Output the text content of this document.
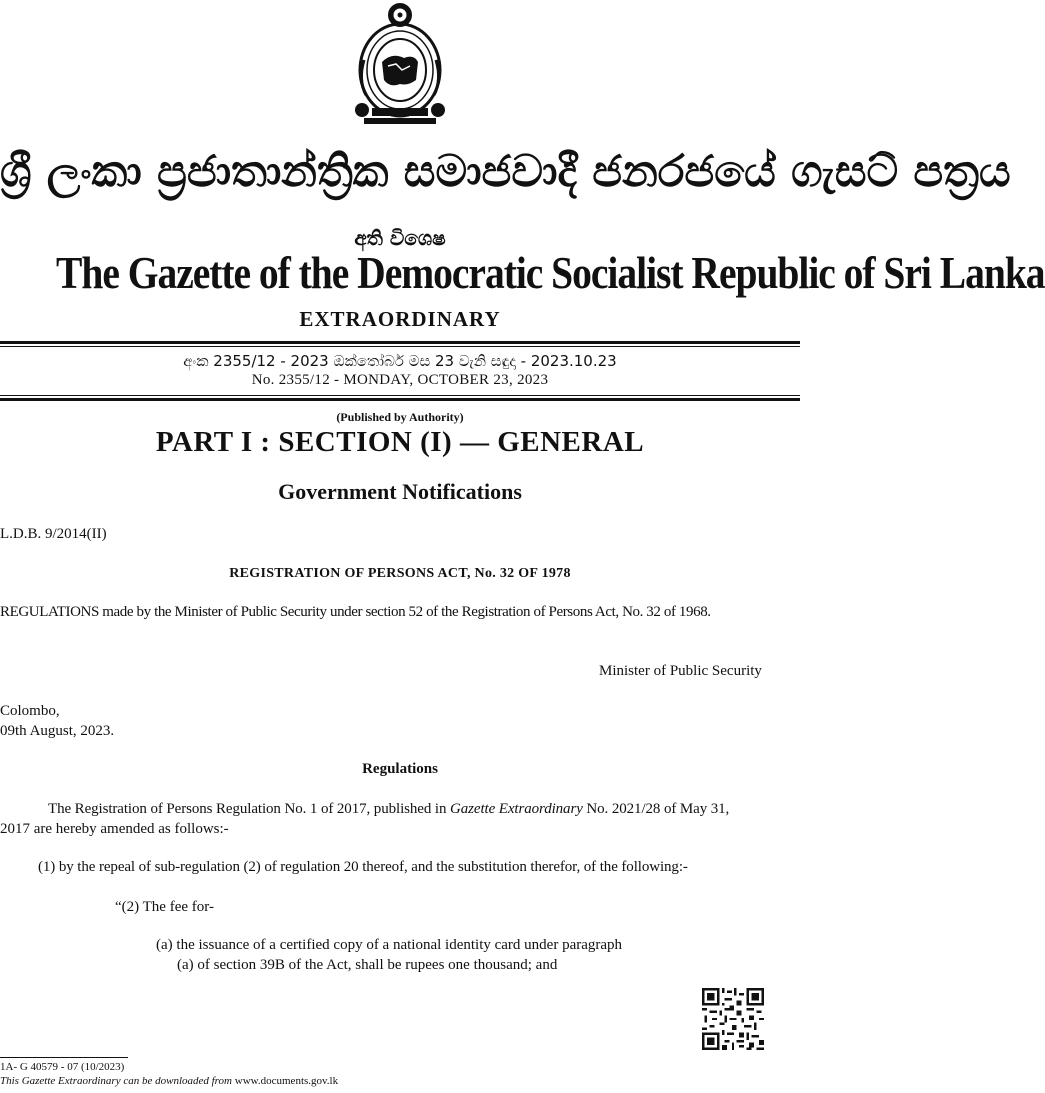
ශ්‍රී ලංකා ප්‍රජාතාන්ත්‍රික සමාජවාදී ජනරජයේ ගැසට් පත්‍රය
අති විශෙෂ
The Gazette of the Democratic Socialist Republic of Sri Lanka
EXTRAORDINARY
අංක 2355/12 - 2023 ඔක්තෝබර් මස 23 වැනි සඳුදා - 2023.10.23
No. 2355/12 - MONDAY, OCTOBER 23, 2023
(Published by Authority)
PART I : SECTION (I) — GENERAL
Government Notifications
L.D.B. 9/2014(II)
REGISTRATION OF PERSONS ACT, No. 32 OF 1978
REGULATIONS made by the Minister of Public Security under section 52 of the Registration of Persons Act, No. 32 of 1968.
Minister of Public Security
Colombo,
09th August, 2023.
Regulations
The Registration of Persons Regulation No. 1 of 2017, published in Gazette Extraordinary No. 2021/28 of May 31,
2017 are hereby amended as follows:-
(1) by the repeal of sub-regulation (2) of regulation 20 thereof, and the substitution therefor, of the following:-
“(2) The fee for-
(a) the issuance of a certified copy of a national identity card under paragraph
(a) of section 39B of the Act, shall be rupees one thousand; and
1A- G 40579 - 07 (10/2023)
This Gazette Extraordinary can be downloaded from www.documents.gov.lk
